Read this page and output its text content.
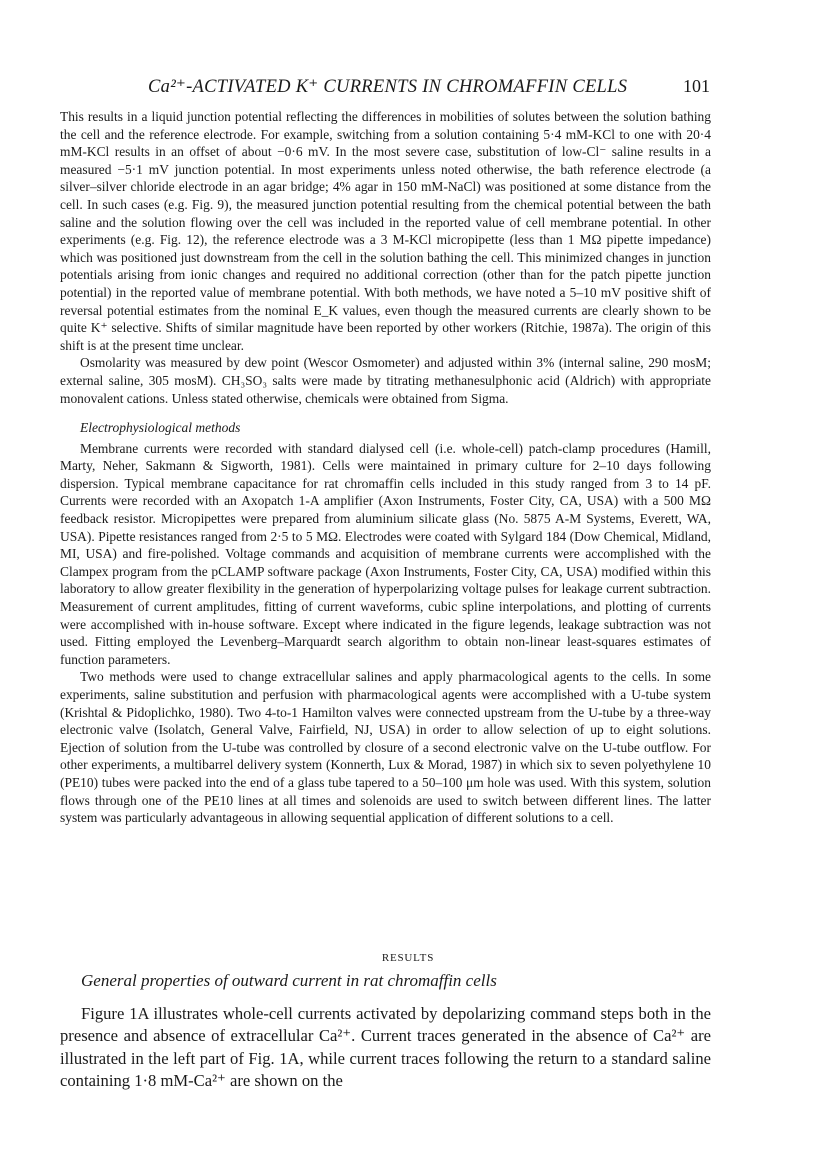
Ca²⁺-ACTIVATED K⁺ CURRENTS IN CHROMAFFIN CELLS	101

This results in a liquid junction potential reflecting the differences in mobilities of solutes between the solution bathing the cell and the reference electrode. For example, switching from a solution containing 5·4 mM-KCl to one with 20·4 mM-KCl results in an offset of about −0·6 mV. In the most severe case, substitution of low-Cl⁻ saline results in a measured −5·1 mV junction potential. In most experiments unless noted otherwise, the bath reference electrode (a silver–silver chloride electrode in an agar bridge; 4% agar in 150 mM-NaCl) was positioned at some distance from the cell. In such cases (e.g. Fig. 9), the measured junction potential resulting from the chemical potential between the bath saline and the solution flowing over the cell was included in the reported value of cell membrane potential. In other experiments (e.g. Fig. 12), the reference electrode was a 3 M-KCl micropipette (less than 1 MΩ pipette impedance) which was positioned just downstream from the cell in the solution bathing the cell. This minimized changes in junction potentials arising from ionic changes and required no additional correction (other than for the patch pipette junction potential) in the reported value of membrane potential. With both methods, we have noted a 5–10 mV positive shift of reversal potential estimates from the nominal E_K values, even though the measured currents are clearly shown to be quite K⁺ selective. Shifts of similar magnitude have been reported by other workers (Ritchie, 1987a). The origin of this shift is at the present time unclear.

Osmolarity was measured by dew point (Wescor Osmometer) and adjusted within 3% (internal saline, 290 mosM; external saline, 305 mosM). CH₃SO₃ salts were made by titrating methanesulphonic acid (Aldrich) with appropriate monovalent cations. Unless stated otherwise, chemicals were obtained from Sigma.

Electrophysiological methods

Membrane currents were recorded with standard dialysed cell (i.e. whole-cell) patch-clamp procedures (Hamill, Marty, Neher, Sakmann & Sigworth, 1981). Cells were maintained in primary culture for 2–10 days following dispersion. Typical membrane capacitance for rat chromaffin cells included in this study ranged from 3 to 14 pF. Currents were recorded with an Axopatch 1-A amplifier (Axon Instruments, Foster City, CA, USA) with a 500 MΩ feedback resistor. Micropipettes were prepared from aluminium silicate glass (No. 5875 A-M Systems, Everett, WA, USA). Pipette resistances ranged from 2·5 to 5 MΩ. Electrodes were coated with Sylgard 184 (Dow Chemical, Midland, MI, USA) and fire-polished. Voltage commands and acquisition of membrane currents were accomplished with the Clampex program from the pCLAMP software package (Axon Instruments, Foster City, CA, USA) modified within this laboratory to allow greater flexibility in the generation of hyperpolarizing voltage pulses for leakage current subtraction. Measurement of current amplitudes, fitting of current waveforms, cubic spline interpolations, and plotting of currents were accomplished with in-house software. Except where indicated in the figure legends, leakage subtraction was not used. Fitting employed the Levenberg–Marquardt search algorithm to obtain non-linear least-squares estimates of function parameters.

Two methods were used to change extracellular salines and apply pharmacological agents to the cells. In some experiments, saline substitution and perfusion with pharmacological agents were accomplished with a U-tube system (Krishtal & Pidoplichko, 1980). Two 4-to-1 Hamilton valves were connected upstream from the U-tube by a three-way electronic valve (Isolatch, General Valve, Fairfield, NJ, USA) in order to allow selection of up to eight solutions. Ejection of solution from the U-tube was controlled by closure of a second electronic valve on the U-tube outflow. For other experiments, a multibarrel delivery system (Konnerth, Lux & Morad, 1987) in which six to seven polyethylene 10 (PE10) tubes were packed into the end of a glass tube tapered to a 50–100 μm hole was used. With this system, solution flows through one of the PE10 lines at all times and solenoids are used to switch between different lines. The latter system was particularly advantageous in allowing sequential application of different solutions to a cell.

RESULTS

General properties of outward current in rat chromaffin cells

Figure 1A illustrates whole-cell currents activated by depolarizing command steps both in the presence and absence of extracellular Ca²⁺. Current traces generated in the absence of Ca²⁺ are illustrated in the left part of Fig. 1A, while current traces following the return to a standard saline containing 1·8 mM-Ca²⁺ are shown on the
